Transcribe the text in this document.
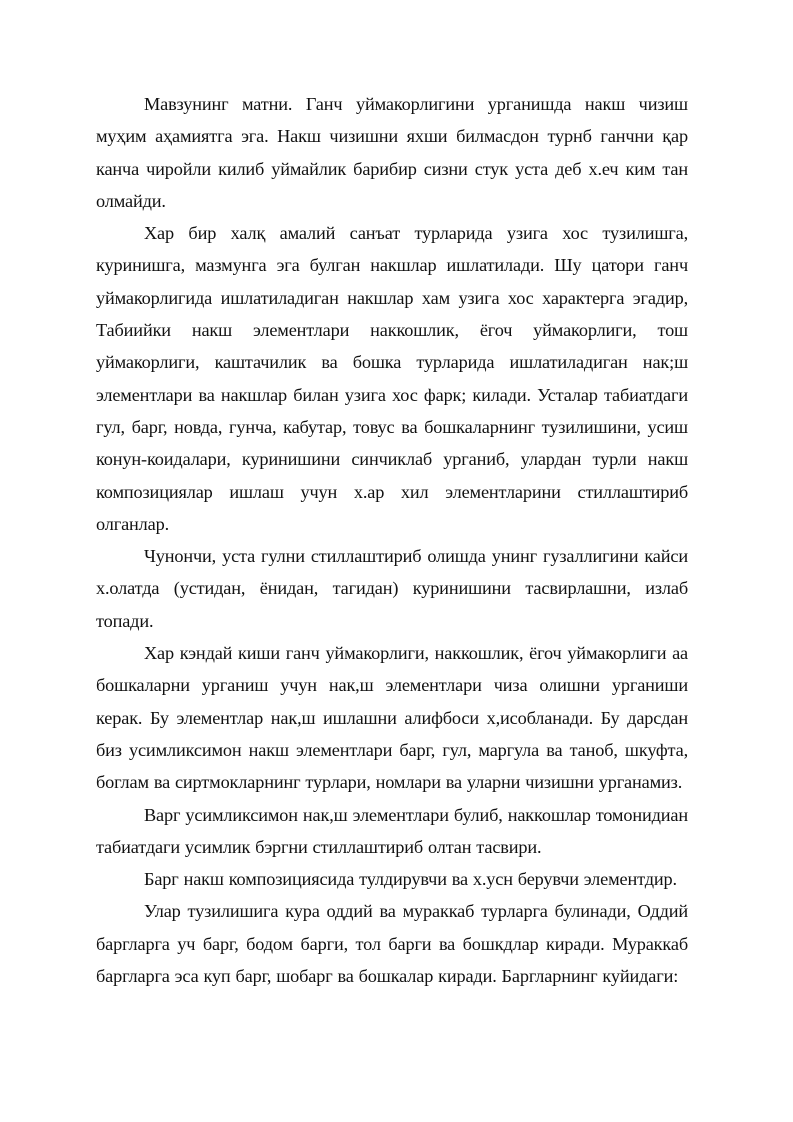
Мавзунинг матни. Ганч уймакорлигини урганишда накш чизиш муҳим аҳамиятга эга. Накш чизишни яхши билмасдон турнб ганчни қар канча чиройли килиб уймайлик барибир сизни стук уста деб х.еч ким тан олмайди.

Хар бир халқ амалий санъат турларида узига хос тузилишга, куринишга, мазмунга эга булган накшлар ишлатилади. Шу цатори ганч уймакорлигида ишлатиладиган накшлар хам узига хос характерга эгадир, Табиийки накш элементлари наккошлик, ёгоч уймакорлиги, тош уймакорлиги, каштачилик ва бошка турларида ишлатиладиган нак;ш элементлари ва накшлар билан узига хос фарк; килади. Усталар табиатдаги гул, барг, новда, гунча, кабутар, товус ва бошкаларнинг тузилишини, усиш конун-коидалари, куринишини синчиклаб урганиб, улардан турли накш композициялар ишлаш учун х.ар хил элементларини стиллаштириб олганлар.

Чунончи, уста гулни стиллаштириб олишда унинг гузаллигини кайси х.олатда (устидан, ёнидан, тагидан) куринишини тасвирлашни, излаб топади.

Хар кэндай киши ганч уймакорлиги, наккошлик, ёгоч уймакорлиги аа бошкаларни урганиш учун нак,ш элементлари чиза олишни урганиши керак. Бу элементлар нак,ш ишлашни алифбоси х,исобланади. Бу дарсдан биз усимликсимон накш элементлари барг, гул, маргула ва таноб, шкуфта, боглам ва сиртмокларнинг турлари, номлари ва уларни чизишни урганамиз.

Варг усимликсимон нак,ш элементлари булиб, наккошлар томонидиан табиатдаги усимлик бэргни стиллаштириб олтан тасвири.

Барг накш композициясида тулдирувчи ва х.усн берувчи элементдир.

Улар тузилишига кура оддий ва мураккаб турларга булинади, Оддий баргларга уч барг, бодом барги, тол барги ва бошкдлар киради. Мураккаб баргларга эса куп барг, шобарг ва бошкалар киради. Баргларнинг куйидаги:
